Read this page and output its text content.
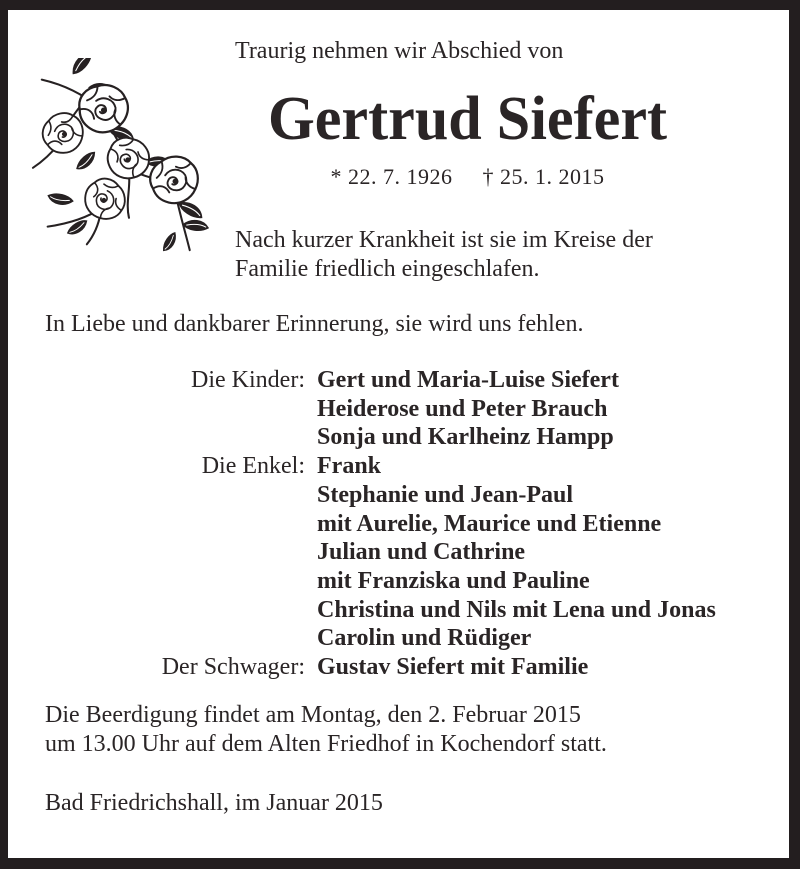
Traurig nehmen wir Abschied von
Gertrud Siefert
* 22. 7. 1926 † 25. 1. 2015
Nach kurzer Krankheit ist sie im Kreise der
Familie friedlich eingeschlafen.
In Liebe und dankbarer Erinnerung, sie wird uns fehlen.
Die Kinder: Gert und Maria-Luise Siefert
Heiderose und Peter Brauch
Sonja und Karlheinz Hampp
Die Enkel: Frank
Stephanie und Jean-Paul
mit Aurelie, Maurice und Etienne
Julian und Cathrine
mit Franziska und Pauline
Christina und Nils mit Lena und Jonas
Carolin und Rüdiger
Der Schwager: Gustav Siefert mit Familie
Die Beerdigung findet am Montag, den 2. Februar 2015
um 13.00 Uhr auf dem Alten Friedhof in Kochendorf statt.
Bad Friedrichshall, im Januar 2015
